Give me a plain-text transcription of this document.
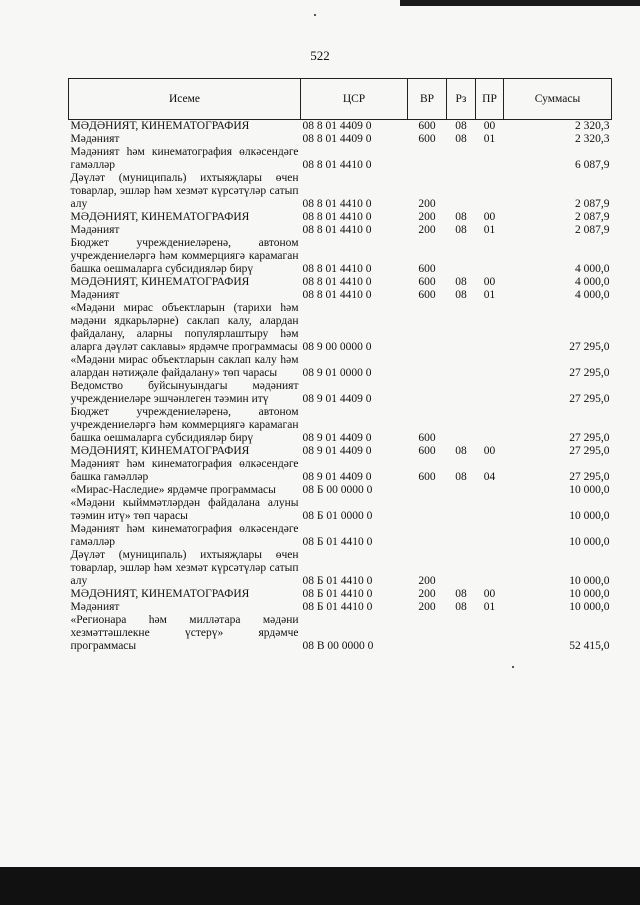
522
Исеме	ЦСР	ВР	Рз	ПР	Суммасы
МӘДӘНИЯТ, КИНЕМАТОГРАФИЯ	08 8 01 4409 0	600	08	00	2 320,3
Мәдәният	08 8 01 4409 0	600	08	01	2 320,3
Мәдәният һәм кинематография өлкәсендәге гамәлләр	08 8 01 4410 0				6 087,9
Дәүләт (муниципаль) ихтыяҗлары өчен товарлар, эшләр һәм хезмәт күрсәтүләр сатып алу	08 8 01 4410 0	200			2 087,9
МӘДӘНИЯТ, КИНЕМАТОГРАФИЯ	08 8 01 4410 0	200	08	00	2 087,9
Мәдәният	08 8 01 4410 0	200	08	01	2 087,9
Бюджет учреждениеләренә, автоном учреждениеләргә һәм коммерциягә карамаган башка оешмаларга субсидияләр бирү	08 8 01 4410 0	600			4 000,0
МӘДӘНИЯТ, КИНЕМАТОГРАФИЯ	08 8 01 4410 0	600	08	00	4 000,0
Мәдәният	08 8 01 4410 0	600	08	01	4 000,0
«Мәдәни мирас объектларын (тарихи һәм мәдәни ядкарьләрне) саклап калу, алардан файдалану, аларны популярлаштыру һәм аларга дәүләт саклавы» ярдәмче программасы	08 9 00 0000 0				27 295,0
«Мәдәни мирас объектларын саклап калу һәм алардан нәтиҗәле файдалану» төп чарасы	08 9 01 0000 0				27 295,0
Ведомство буйсынуындагы мәдәният учреждениеләре эшчәнлеген тәэмин итү	08 9 01 4409 0				27 295,0
Бюджет учреждениеләренә, автоном учреждениеләргә һәм коммерциягә карамаган башка оешмаларга субсидияләр бирү	08 9 01 4409 0	600			27 295,0
МӘДӘНИЯТ, КИНЕМАТОГРАФИЯ	08 9 01 4409 0	600	08	00	27 295,0
Мәдәният һәм кинематография өлкәсендәге башка гамәлләр	08 9 01 4409 0	600	08	04	27 295,0
«Мирас-Наследие» ярдәмче программасы	08 Б 00 0000 0				10 000,0
«Мәдәни кыйммәтләрдән файдалана алуны тәэмин итү» төп чарасы	08 Б 01 0000 0				10 000,0
Мәдәният һәм кинематография өлкәсендәге гамәлләр	08 Б 01 4410 0				10 000,0
Дәүләт (муниципаль) ихтыяҗлары өчен товарлар, эшләр һәм хезмәт күрсәтүләр сатып алу	08 Б 01 4410 0	200			10 000,0
МӘДӘНИЯТ, КИНЕМАТОГРАФИЯ	08 Б 01 4410 0	200	08	00	10 000,0
Мәдәният	08 Б 01 4410 0	200	08	01	10 000,0
«Регионара һәм милләтара мәдәни хезмәттәшлекне үстерү» ярдәмче программасы	08 В 00 0000 0				52 415,0
